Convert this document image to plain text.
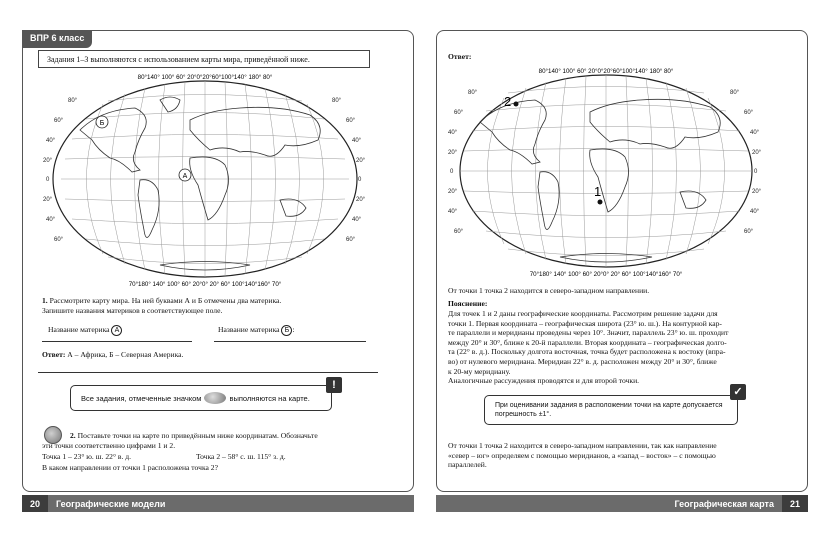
ВПР 6 класс
Задания 1–3 выполняются с использованием карты мира, приведённой ниже.
А
Б
80°140° 100° 60° 20°0°20°60°100°140° 180° 80°
70°180° 140° 100° 60° 20°0° 20° 60° 100°140°160° 70°
80°	80°
60°	60°
40°	40°
20°	20°
0	0
20°	20°
40°	40°
60°	60°
1. Рассмотрите карту мира. На ней буквами А и Б отмечены два материка.
Запишите названия материков в соответствующее поле.
Название материка А	Название материка Б :
Ответ: А – Африка, Б – Северная Америка.
Все задания, отмеченные значком	выполняются на карте.
!
2. Поставьте точки на карте по приведённым ниже координатам. Обозначьте
эти точки соответственно цифрами 1 и 2.
Точка 1 – 23° ю. ш. 22° в. д.	Точка 2 – 58° с. ш. 115° з. д.
В каком направлении от точки 1 расположена точка 2?
Ответ:
1
2
80°140° 100° 60° 20°0°20°60°100°140° 180° 80°
70°180° 140° 100° 60° 20°0° 20° 60° 100°140°160° 70°
80°	80°
60°	60°
40°	40°
20°	20°
0	0
20°	20°
40°	40°
60°	60°
От точки 1 точка 2 находится в северо-западном направлении.
Пояснение:
Для точек 1 и 2 даны географические координаты. Рассмотрим решение задачи для
точки 1. Первая координата – географическая широта (23° ю. ш.). На контурной кар-
те параллели и меридианы проведены через 10°. Значит, параллель 23° ю. ш. проходит
между 20° и 30°, ближе к 20-й параллели. Вторая координата – географическая долго-
та (22° в. д.). Поскольку долгота восточная, точка будет расположена к востоку (впра-
во) от нулевого меридиана. Меридиан 22° в. д. расположен между 20° и 30°, ближе
к 20-му меридиану.
Аналогичные рассуждения проводятся и для второй точки.
При оценивании задания в расположении точки на карте допускается погрешность ±1°.
✓
От точки 1 точка 2 находится в северо-западном направлении, так как направление
«север – юг» определяем с помощью меридианов, а «запад – восток» – с помощью
параллелей.
20	Географические модели	Географическая карта	21
